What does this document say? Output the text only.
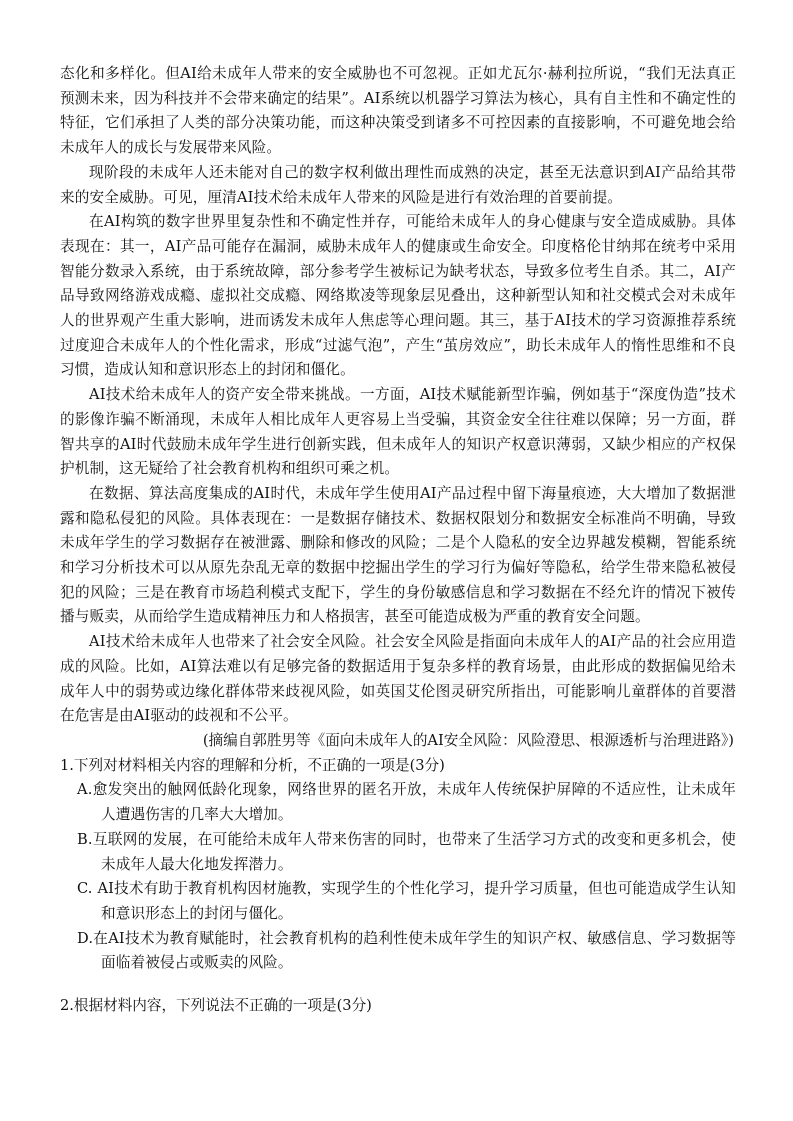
态化和多样化。但AI给未成年人带来的安全威胁也不可忽视。正如尤瓦尔·赫利拉所说，“我们无法真正预测未来，因为科技并不会带来确定的结果”。AI系统以机器学习算法为核心，具有自主性和不确定性的特征，它们承担了人类的部分决策功能，而这种决策受到诸多不可控因素的直接影响，不可避免地会给未成年人的成长与发展带来风险。

现阶段的未成年人还未能对自己的数字权利做出理性而成熟的决定，甚至无法意识到AI产品给其带来的安全威胁。可见，厘清AI技术给未成年人带来的风险是进行有效治理的首要前提。

在AI构筑的数字世界里复杂性和不确定性并存，可能给未成年人的身心健康与安全造成威胁。具体表现在：其一，AI产品可能存在漏洞，威胁未成年人的健康或生命安全。印度格伦甘纳邦在统考中采用智能分数录入系统，由于系统故障，部分参考学生被标记为缺考状态，导致多位考生自杀。其二，AI产品导致网络游戏成瘾、虚拟社交成瘾、网络欺凌等现象层见叠出，这种新型认知和社交模式会对未成年人的世界观产生重大影响，进而诱发未成年人焦虑等心理问题。其三，基于AI技术的学习资源推荐系统过度迎合未成年人的个性化需求，形成“过滤气泡”，产生“茧房效应”，助长未成年人的惰性思维和不良习惯，造成认知和意识形态上的封闭和僵化。

AI技术给未成年人的资产安全带来挑战。一方面，AI技术赋能新型诈骗，例如基于“深度伪造”技术的影像诈骗不断涌现，未成年人相比成年人更容易上当受骗，其资金安全往往难以保障；另一方面，群智共享的AI时代鼓励未成年学生进行创新实践，但未成年人的知识产权意识薄弱，又缺少相应的产权保护机制，这无疑给了社会教育机构和组织可乘之机。

在数据、算法高度集成的AI时代，未成年学生使用AI产品过程中留下海量痕迹，大大增加了数据泄露和隐私侵犯的风险。具体表现在：一是数据存储技术、数据权限划分和数据安全标准尚不明确，导致未成年学生的学习数据存在被泄露、删除和修改的风险；二是个人隐私的安全边界越发模糊，智能系统和学习分析技术可以从原先杂乱无章的数据中挖掘出学生的学习行为偏好等隐私，给学生带来隐私被侵犯的风险；三是在教育市场趋利模式支配下，学生的身份敏感信息和学习数据在不经允许的情况下被传播与贩卖，从而给学生造成精神压力和人格损害，甚至可能造成极为严重的教育安全问题。

AI技术给未成年人也带来了社会安全风险。社会安全风险是指面向未成年人的AI产品的社会应用造成的风险。比如，AI算法难以有足够完备的数据适用于复杂多样的教育场景，由此形成的数据偏见给未成年人中的弱势或边缘化群体带来歧视风险，如英国艾伦图灵研究所指出，可能影响儿童群体的首要潜在危害是由AI驱动的歧视和不公平。

(摘编自郭胜男等《面向未成年人的AI安全风险：风险澄思、根源透析与治理进路》)

1.下列对材料相关内容的理解和分析，不正确的一项是(3分)

A.愈发突出的触网低龄化现象，网络世界的匿名开放，未成年人传统保护屏障的不适应性，让未成年人遭遇伤害的几率大大增加。
B.互联网的发展，在可能给未成年人带来伤害的同时，也带来了生活学习方式的改变和更多机会，使未成年人最大化地发挥潜力。
C. AI技术有助于教育机构因材施教，实现学生的个性化学习，提升学习质量，但也可能造成学生认知和意识形态上的封闭与僵化。
D.在AI技术为教育赋能时，社会教育机构的趋利性使未成年学生的知识产权、敏感信息、学习数据等面临着被侵占或贩卖的风险。

2.根据材料内容，下列说法不正确的一项是(3分)
